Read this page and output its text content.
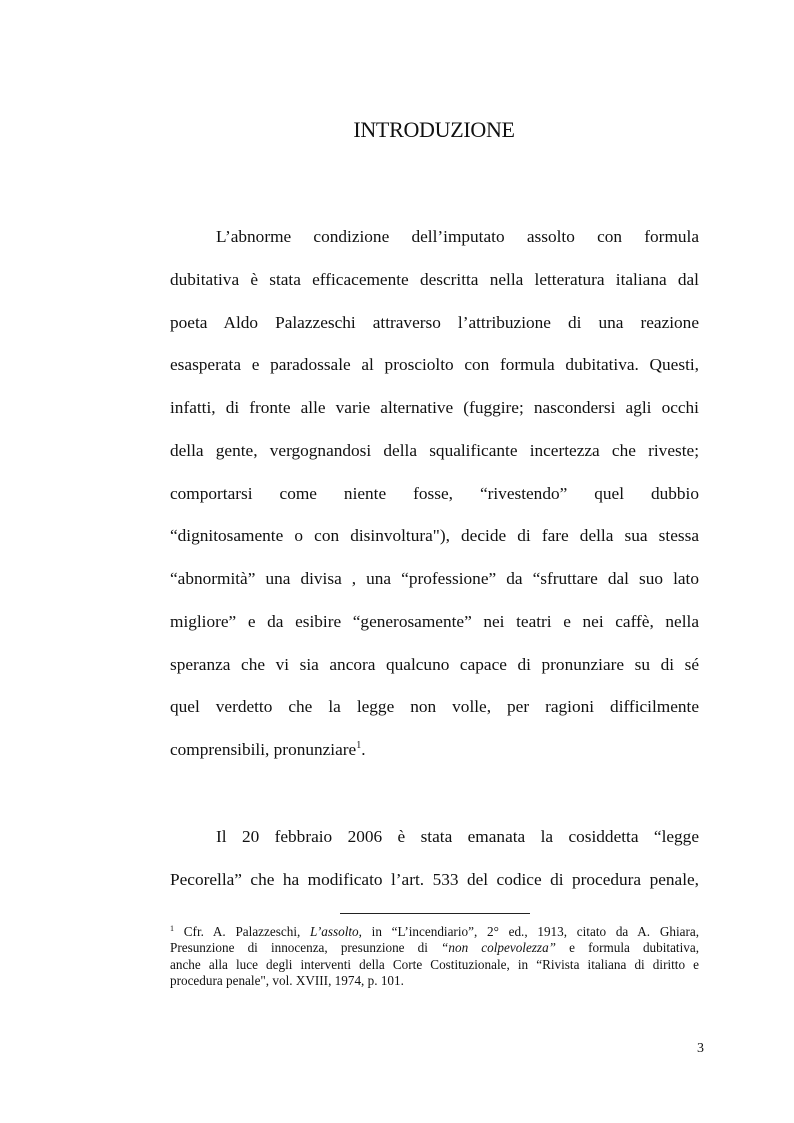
INTRODUZIONE
L’abnorme condizione dell’imputato assolto con formula
dubitativa è stata efficacemente descritta nella letteratura italiana dal
poeta Aldo Palazzeschi attraverso l’attribuzione di una reazione
esasperata e paradossale al prosciolto con formula dubitativa. Questi,
infatti, di fronte alle varie alternative (fuggire; nascondersi agli occhi
della gente, vergognandosi della squalificante incertezza che riveste;
comportarsi come niente fosse, “rivestendo” quel dubbio
“dignitosamente o con disinvoltura"), decide di fare della sua stessa
“abnormità” una divisa , una “professione” da “sfruttare dal suo lato
migliore” e da esibire “generosamente” nei teatri e nei caffè, nella
speranza che vi sia ancora qualcuno capace di pronunziare su di sé
quel verdetto che la legge non volle, per ragioni difficilmente
comprensibili, pronunziare$^1$.
Il 20 febbraio 2006 è stata emanata la cosiddetta “legge
Pecorella” che ha modificato l’art. 533 del codice di procedura penale,
$^1$ Cfr. A. Palazzeschi, L’assolto, in “L’incendiario”, 2° ed., 1913, citato da A. Ghiara,
Presunzione di innocenza, presunzione di “non colpevolezza” e formula dubitativa,
anche alla luce degli interventi della Corte Costituzionale, in “Rivista italiana di diritto e
procedura penale", vol. XVIII, 1974, p. 101.
3
